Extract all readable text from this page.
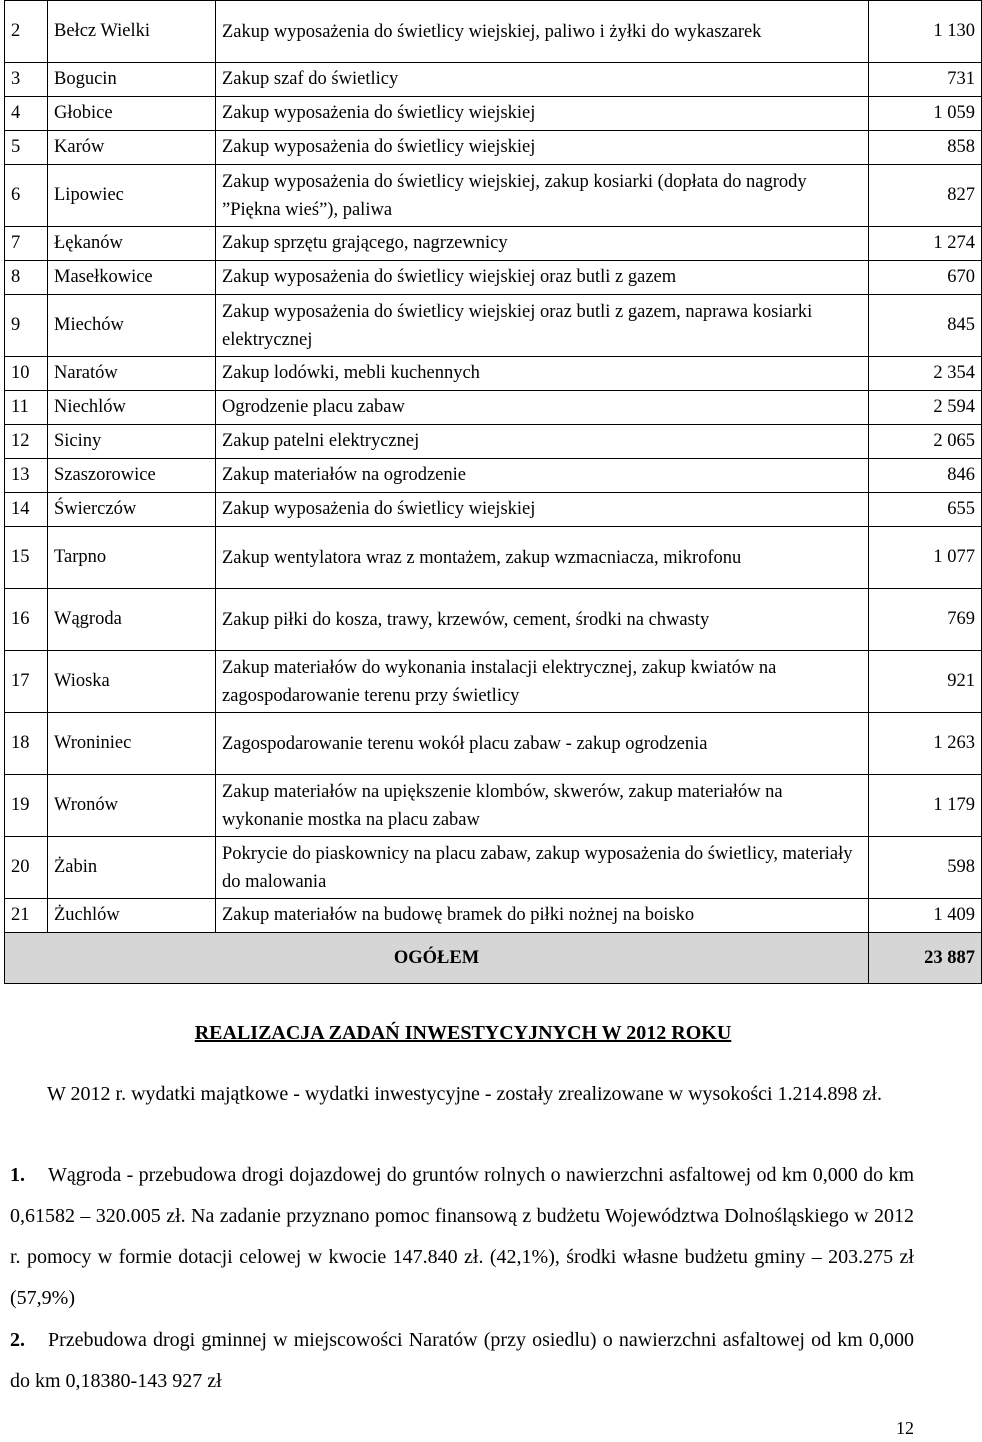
2	Bełcz Wielki	Zakup wyposażenia do świetlicy wiejskiej, paliwo i żyłki do wykaszarek	1 130
3	Bogucin	Zakup szaf do świetlicy	731
4	Głobice	Zakup wyposażenia do świetlicy wiejskiej	1 059
5	Karów	Zakup wyposażenia do świetlicy wiejskiej	858
6	Lipowiec	Zakup wyposażenia do świetlicy wiejskiej, zakup kosiarki (dopłata do nagrody ˮPiękna wieśˮ), paliwa	827
7	Łękanów	Zakup sprzętu grającego, nagrzewnicy	1 274
8	Masełkowice	Zakup wyposażenia do świetlicy wiejskiej oraz butli z gazem	670
9	Miechów	Zakup wyposażenia do świetlicy wiejskiej oraz butli z gazem, naprawa kosiarki elektrycznej	845
10	Naratów	Zakup lodówki, mebli kuchennych	2 354
11	Niechlów	Ogrodzenie placu zabaw	2 594
12	Siciny	Zakup patelni elektrycznej	2 065
13	Szaszorowice	Zakup materiałów na ogrodzenie	846
14	Świerczów	Zakup wyposażenia do świetlicy wiejskiej	655
15	Tarpno	Zakup wentylatora wraz z montażem, zakup wzmacniacza, mikrofonu	1 077
16	Wągroda	Zakup piłki do kosza, trawy, krzewów, cement, środki na chwasty	769
17	Wioska	Zakup materiałów do wykonania instalacji elektrycznej, zakup kwiatów na zagospodarowanie terenu przy świetlicy	921
18	Wroniniec	Zagospodarowanie terenu wokół placu zabaw - zakup ogrodzenia	1 263
19	Wronów	Zakup materiałów na upiększenie klombów, skwerów, zakup materiałów na wykonanie mostka na placu zabaw	1 179
20	Żabin	Pokrycie do piaskownicy na placu zabaw, zakup wyposażenia do świetlicy, materiały do malowania	598
21	Żuchlów	Zakup materiałów na budowę bramek do piłki nożnej na boisko	1 409
OGÓŁEM			23 887
REALIZACJA ZADAŃ INWESTYCYJNYCH W 2012 ROKU
W 2012 r. wydatki majątkowe - wydatki inwestycyjne - zostały zrealizowane w wysokości 1.214.898 zł.
1. Wągroda - przebudowa drogi dojazdowej do gruntów rolnych o nawierzchni asfaltowej od km 0,000 do km 0,61582 – 320.005 zł. Na zadanie przyznano pomoc finansową z budżetu Województwa Dolnośląskiego w 2012 r. pomocy w formie dotacji celowej w kwocie 147.840 zł. (42,1%), środki własne budżetu gminy – 203.275 zł (57,9%)
2. Przebudowa drogi gminnej w miejscowości Naratów (przy osiedlu) o nawierzchni asfaltowej od km 0,000 do km 0,18380-143 927 zł
12
